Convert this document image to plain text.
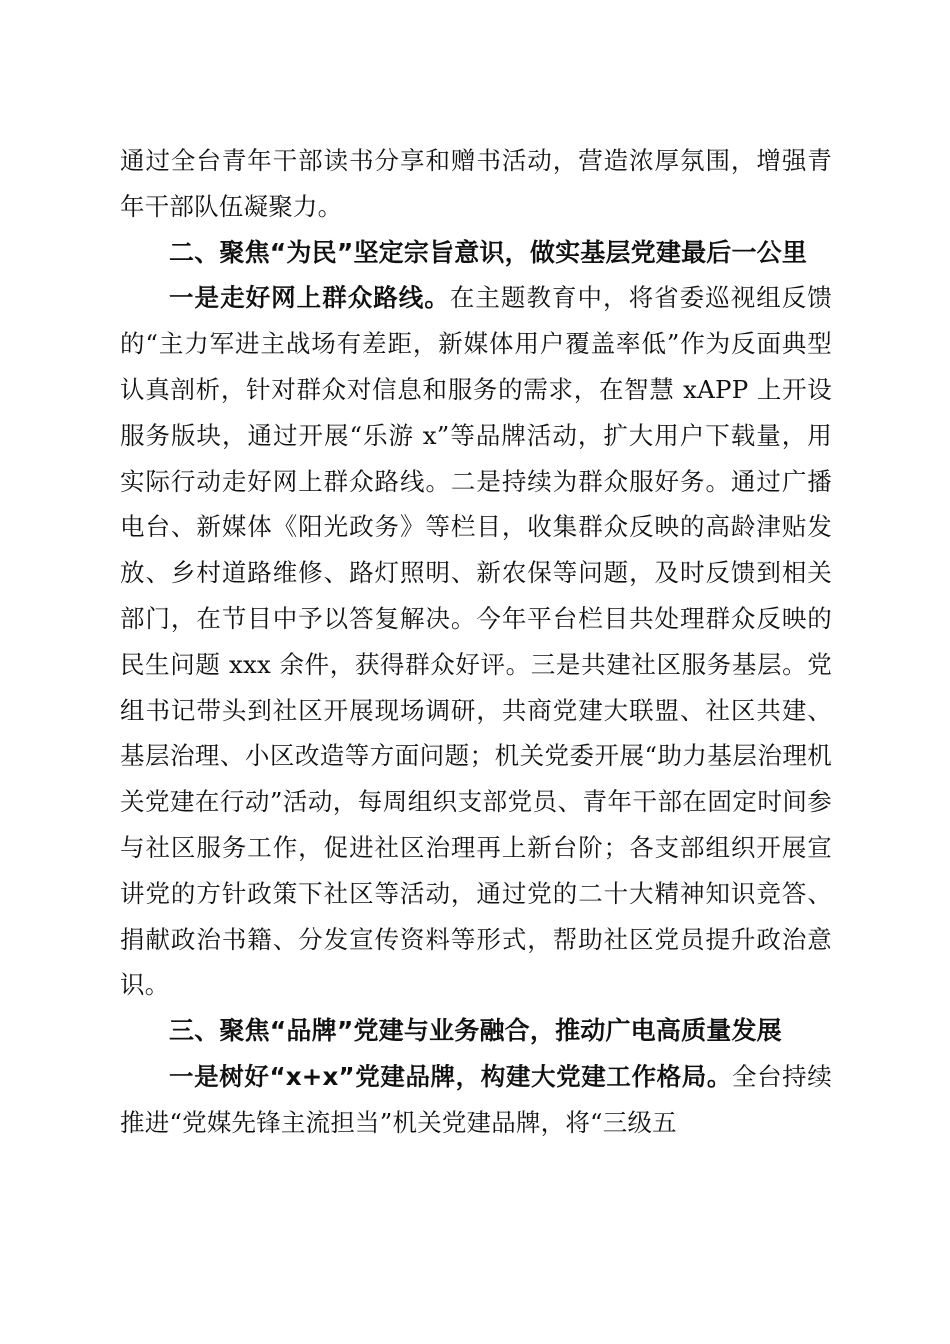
通过全台青年干部读书分享和赠书活动，营造浓厚氛围，增强青年干部队伍凝聚力。

二、聚焦“为民”坚定宗旨意识，做实基层党建最后一公里

一是走好网上群众路线。在主题教育中，将省委巡视组反馈的“主力军进主战场有差距，新媒体用户覆盖率低”作为反面典型认真剖析，针对群众对信息和服务的需求，在智慧 xAPP 上开设服务版块，通过开展“乐游 x”等品牌活动，扩大用户下载量，用实际行动走好网上群众路线。二是持续为群众服好务。通过广播电台、新媒体《阳光政务》等栏目，收集群众反映的高龄津贴发放、乡村道路维修、路灯照明、新农保等问题，及时反馈到相关部门，在节目中予以答复解决。今年平台栏目共处理群众反映的民生问题 xxx 余件，获得群众好评。三是共建社区服务基层。党组书记带头到社区开展现场调研，共商党建大联盟、社区共建、基层治理、小区改造等方面问题；机关党委开展“助力基层治理机关党建在行动”活动，每周组织支部党员、青年干部在固定时间参与社区服务工作，促进社区治理再上新台阶；各支部组织开展宣讲党的方针政策下社区等活动，通过党的二十大精神知识竞答、捐献政治书籍、分发宣传资料等形式，帮助社区党员提升政治意识。

三、聚焦“品牌”党建与业务融合，推动广电高质量发展

一是树好“x+x”党建品牌，构建大党建工作格局。全台持续推进“党媒先锋主流担当”机关党建品牌，将“三级五
